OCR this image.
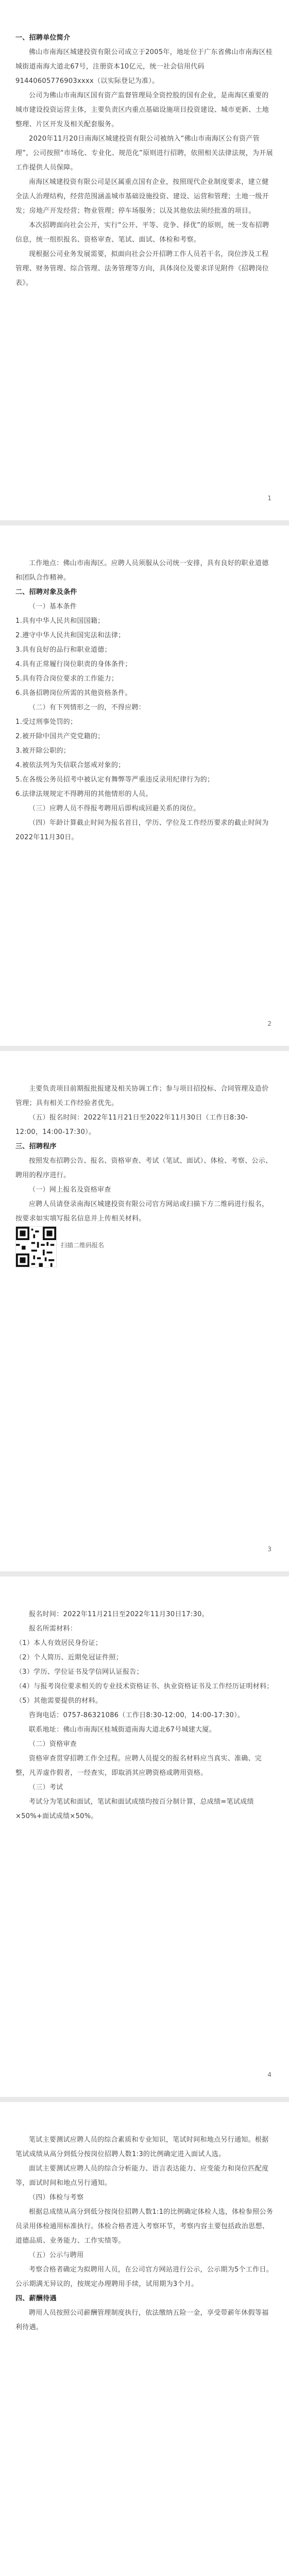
一、招聘单位简介

佛山市南海区城建投资有限公司成立于2005年，地址位于广东省佛山市南海区桂城街道南海大道北67号，注册资本10亿元，统一社会信用代码91440605776903xxxx（以实际登记为准）。

公司为佛山市南海区国有资产监督管理局全资控股的国有企业，是南海区重要的城市建设投资运营主体，主要负责区内重点基础设施项目投资建设、城市更新、土地整理、片区开发及相关配套服务。

2020年11月20日南海区城建投资有限公司被纳入“佛山市南海区公有资产管理”，公司按照“市场化、专业化、规范化”原则进行招聘，依照相关法律法规，为开展工作提供人员保障。

南海区城建投资有限公司是区属重点国有企业，按照现代企业制度要求，建立健全法人治理结构，经营范围涵盖城市基础设施投资、建设、运营和管理；土地一级开发；房地产开发经营；物业管理；停车场服务；以及其他依法须经批准的项目。

本次招聘面向社会公开，实行“公开、平等、竞争、择优”的原则，统一发布招聘信息，统一组织报名、资格审查、笔试、面试、体检和考察。

现根据公司业务发展需要，拟面向社会公开招聘工作人员若干名，岗位涉及工程管理、财务管理、综合管理、法务管理等方向，具体岗位及要求详见附件《招聘岗位表》。

1

工作地点：佛山市南海区。应聘人员须服从公司统一安排，具有良好的职业道德和团队合作精神。

二、招聘对象及条件

（一）基本条件

1.具有中华人民共和国国籍；
2.遵守中华人民共和国宪法和法律；
3.具有良好的品行和职业道德；
4.具有正常履行岗位职责的身体条件；
5.具有符合岗位要求的工作能力；
6.具备招聘岗位所需的其他资格条件。

（二）有下列情形之一的，不得应聘：

1.受过刑事处罚的；
2.被开除中国共产党党籍的；
3.被开除公职的；
4.被依法列为失信联合惩戒对象的；
5.在各级公务员招考中被认定有舞弊等严重违反录用纪律行为的；
6.法律法规规定不得聘用的其他情形的人员。

（三）应聘人员不得报考聘用后即构成回避关系的岗位。

（四）年龄计算截止时间为报名首日，学历、学位及工作经历要求的截止时间为2022年11月30日。

2

主要负责项目前期报批报建及相关协调工作；参与项目招投标、合同管理及造价管理；具有相关工作经验者优先。

（五）报名时间：2022年11月21日至2022年11月30日（工作日8:30-12:00，14:00-17:30）。

三、招聘程序

按照发布招聘公告、报名、资格审查、考试（笔试、面试）、体检、考察、公示、聘用的程序进行。

（一）网上报名及资格审查

应聘人员请登录南海区城建投资有限公司官方网站或扫描下方二维码进行报名，按要求如实填写报名信息并上传相关材料。

扫描二维码报名
3

报名时间：2022年11月21日至2022年11月30日17:30。

报名所需材料：

（1）本人有效居民身份证；
（2）个人简历、近期免冠证件照；
（3）学历、学位证书及学信网认证报告；
（4）与报考岗位要求相关的专业技术资格证书、执业资格证书及工作经历证明材料；
（5）其他需要提供的材料。

咨询电话：0757-86321086（工作日8:30-12:00，14:00-17:30）。

联系地址：佛山市南海区桂城街道南海大道北67号城建大厦。

（二）资格审查

资格审查贯穿招聘工作全过程。应聘人员提交的报名材料应当真实、准确、完整，凡弄虚作假者，一经查实，即取消其应聘资格或聘用资格。

（三）考试

考试分为笔试和面试，笔试和面试成绩均按百分制计算，总成绩=笔试成绩×50%+面试成绩×50%。

4

笔试主要测试应聘人员的综合素质和专业知识，笔试时间和地点另行通知。根据笔试成绩从高分到低分按岗位招聘人数1:3的比例确定进入面试人选。

面试主要测试应聘人员的综合分析能力、语言表达能力、应变能力和岗位匹配度等，面试时间和地点另行通知。

（四）体检与考察

根据总成绩从高分到低分按岗位招聘人数1:1的比例确定体检人选，体检参照公务员录用体检通用标准执行。体检合格者进入考察环节，考察内容主要包括政治思想、道德品质、业务能力、工作实绩等。

（五）公示与聘用

考察合格者确定为拟聘用人员，在公司官方网站进行公示，公示期为5个工作日。公示期满无异议的，按规定办理聘用手续，试用期为3个月。

四、薪酬待遇

聘用人员按照公司薪酬管理制度执行，依法缴纳五险一金，享受带薪年休假等福利待遇。
